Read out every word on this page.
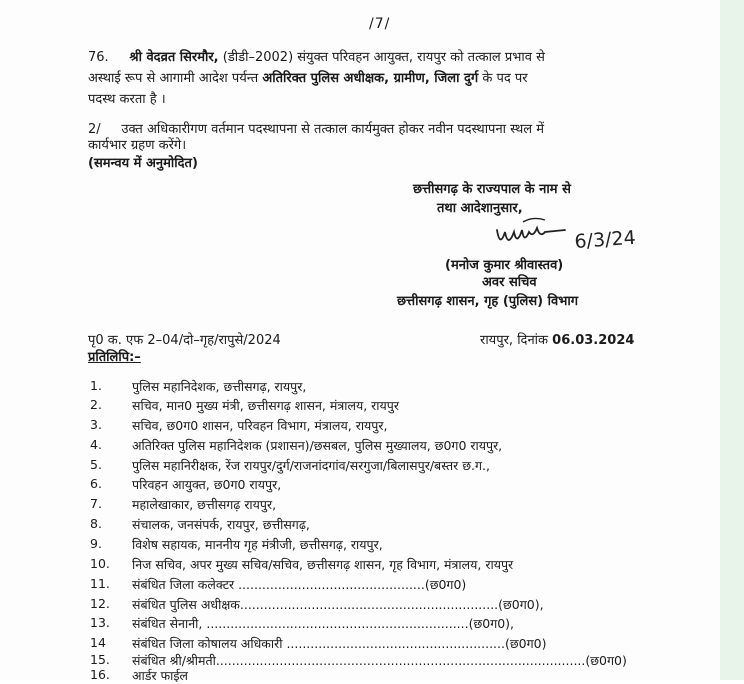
/7/
76. श्री वेदव्रत सिरमौर, (डीडी–2002) संयुक्त परिवहन आयुक्त, रायपुर को तत्काल प्रभाव से
अस्थाई रूप से आगामी आदेश पर्यन्त अतिरिक्त पुलिस अधीक्षक, ग्रामीण, जिला दुर्ग के पद पर
पदस्थ करता है ।
2/ उक्त अधिकारीगण वर्तमान पदस्थापना से तत्काल कार्यमुक्त होकर नवीन पदस्थापना स्थल में
कार्यभार ग्रहण करेंगे।
(समन्वय में अनुमोदित)
छत्तीसगढ़ के राज्यपाल के नाम से
तथा आदेशानुसार,
6/3/24
(मनोज कुमार श्रीवास्तव)
अवर सचिव
छत्तीसगढ़ शासन, गृह (पुलिस) विभाग
पृ0 क. एफ 2–04/दो–गृह/रापुसे/2024	रायपुर, दिनांक 06.03.2024
प्रतिलिपि:–
1. पुलिस महानिदेशक, छत्तीसगढ़, रायपुर,
2. सचिव, मान0 मुख्य मंत्री, छत्तीसगढ़ शासन, मंत्रालय, रायपुर
3. सचिव, छ0ग0 शासन, परिवहन विभाग, मंत्रालय, रायपुर,
4. अतिरिक्त पुलिस महानिदेशक (प्रशासन)/छसबल, पुलिस मुख्यालय, छ0ग0 रायपुर,
5. पुलिस महानिरीक्षक, रेंज रायपुर/दुर्ग/राजनांदगांव/सरगुजा/बिलासपुर/बस्तर छ.ग.,
6. परिवहन आयुक्त, छ0ग0 रायपुर,
7. महालेखाकार, छत्तीसगढ़ रायपुर,
8. संचालक, जनसंपर्क, रायपुर, छत्तीसगढ़,
9. विशेष सहायक, माननीय गृह मंत्रीजी, छत्तीसगढ़, रायपुर,
10. निज सचिव, अपर मुख्य सचिव/सचिव, छत्तीसगढ़ शासन, गृह विभाग, मंत्रालय, रायपुर
11. संबंधित जिला कलेक्टर ...............................................(छ0ग0)
12. संबंधित पुलिस अधीक्षक.................................................................(छ0ग0),
13. संबंधित सेनानी, ..................................................................(छ0ग0),
14 संबंधित जिला कोषालय अधिकारी .......................................................(छ0ग0)
15. संबंधित श्री/श्रीमती.............................................................................................(छ0ग0)
16. आर्डर फाईल
